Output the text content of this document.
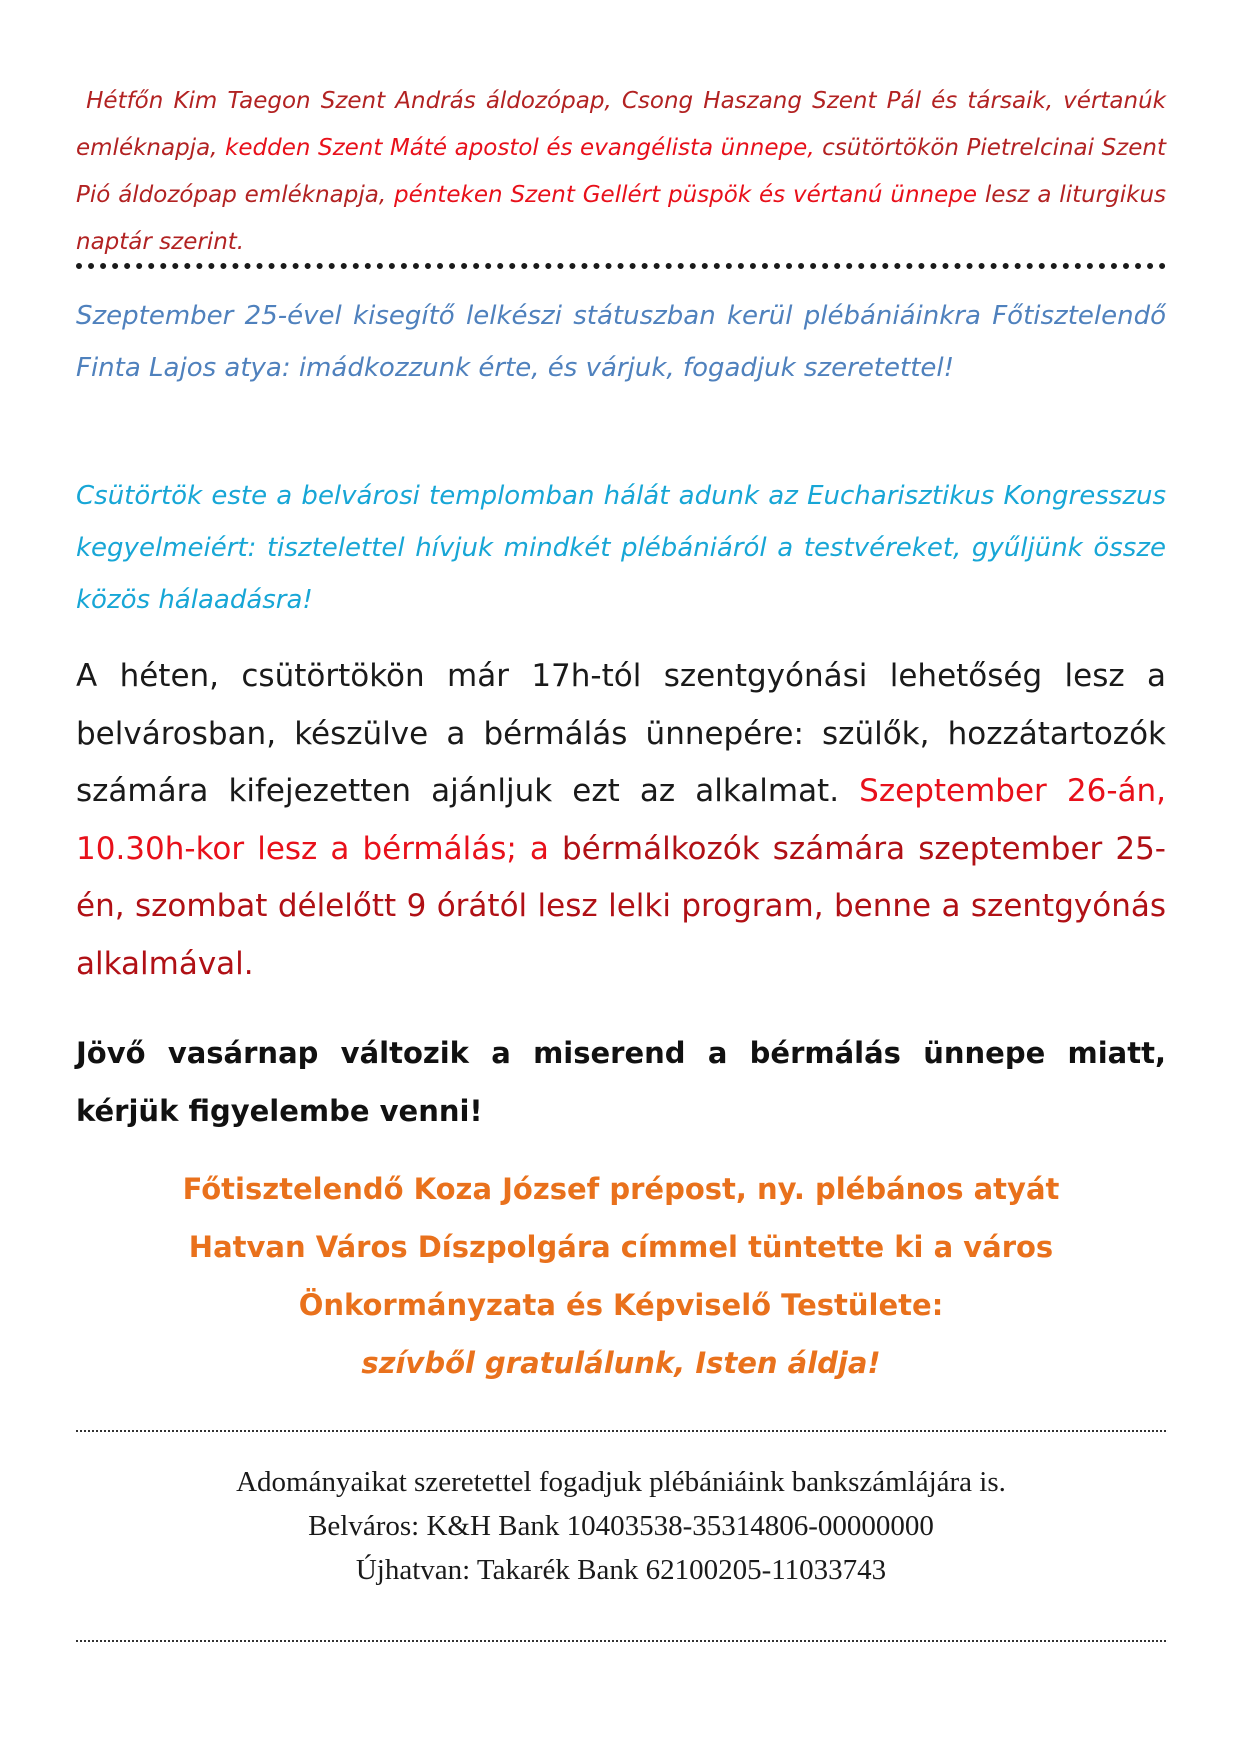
Hétfőn Kim Taegon Szent András áldozópap, Csong Haszang Szent Pál és társaik, vértanúk emléknapja, kedden Szent Máté apostol és evangélista ünnepe, csütörtökön Pietrelcinai Szent Pió áldozópap emléknapja, pénteken Szent Gellért püspök és vértanú ünnepe lesz a liturgikus naptár szerint.
Szeptember 25-ével kisegítő lelkészi státuszban kerül plébániáinkra Főtisztelendő Finta Lajos atya: imádkozzunk érte, és várjuk, fogadjuk szeretettel!
Csütörtök este a belvárosi templomban hálát adunk az Eucharisztikus Kongresszus kegyelmeiért: tisztelettel hívjuk mindkét plébániáról a testvéreket, gyűljünk össze közös hálaadásra!
A héten, csütörtökön már 17h-tól szentgyónási lehetőség lesz a belvárosban, készülve a bérmálás ünnepére: szülők, hozzátartozók számára kifejezetten ajánljuk ezt az alkalmat. Szeptember 26-án, 10.30h-kor lesz a bérmálás; a bérmálkozók számára szeptember 25-én, szombat délelőtt 9 órától lesz lelki program, benne a szentgyónás alkalmával.
Jövő vasárnap változik a miserend a bérmálás ünnepe miatt, kérjük figyelembe venni!
Főtisztelendő Koza József prépost, ny. plébános atyát
Hatvan Város Díszpolgára címmel tüntette ki a város
Önkormányzata és Képviselő Testülete:
szívből gratulálunk, Isten áldja!
Adományaikat szeretettel fogadjuk plébániáink bankszámlájára is.
Belváros: K&H Bank 10403538-35314806-00000000
Újhatvan: Takarék Bank 62100205-11033743
